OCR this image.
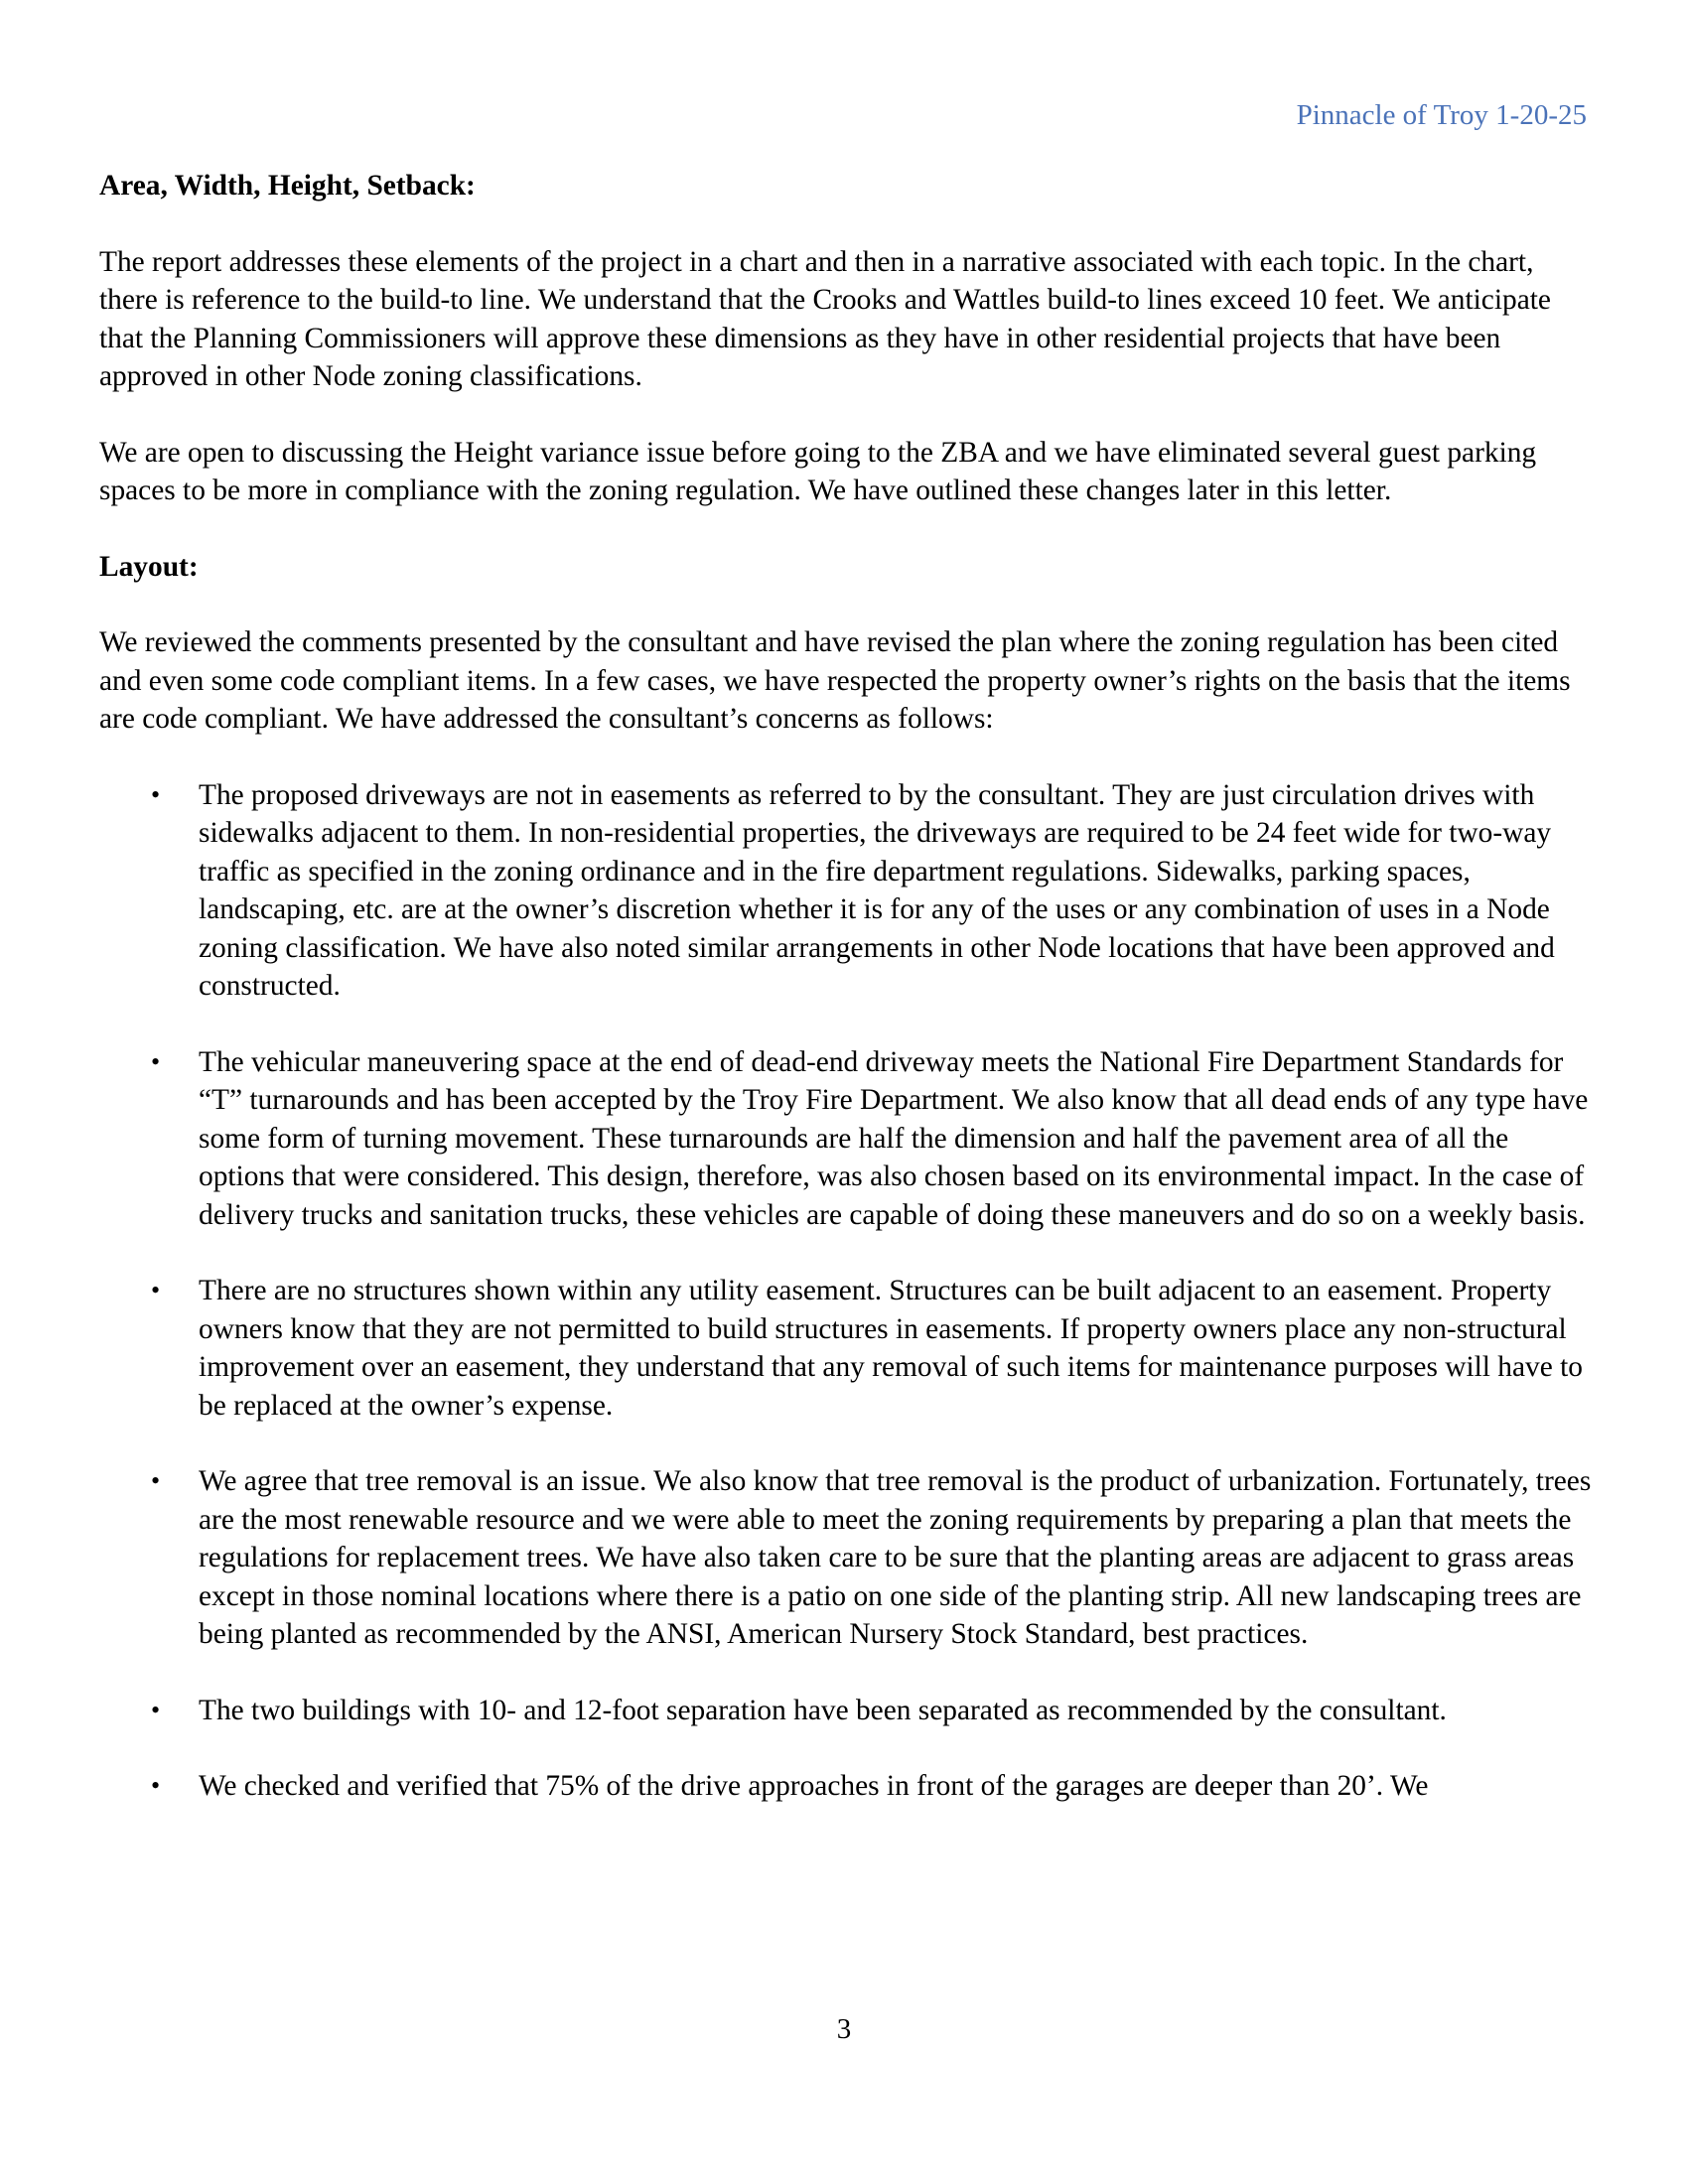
Pinnacle of Troy 1-20-25
Area, Width, Height, Setback:

The report addresses these elements of the project in a chart and then in a narrative associated with each topic. In the chart, there is reference to the build-to line. We understand that the Crooks and Wattles build-to lines exceed 10 feet. We anticipate that the Planning Commissioners will approve these dimensions as they have in other residential projects that have been approved in other Node zoning classifications.

We are open to discussing the Height variance issue before going to the ZBA and we have eliminated several guest parking spaces to be more in compliance with the zoning regulation. We have outlined these changes later in this letter.

Layout:

We reviewed the comments presented by the consultant and have revised the plan where the zoning regulation has been cited and even some code compliant items. In a few cases, we have respected the property owner’s rights on the basis that the items are code compliant. We have addressed the consultant’s concerns as follows:

• The proposed driveways are not in easements as referred to by the consultant. They are just circulation drives with sidewalks adjacent to them. In non-residential properties, the driveways are required to be 24 feet wide for two-way traffic as specified in the zoning ordinance and in the fire department regulations. Sidewalks, parking spaces, landscaping, etc. are at the owner’s discretion whether it is for any of the uses or any combination of uses in a Node zoning classification. We have also noted similar arrangements in other Node locations that have been approved and constructed.
• The vehicular maneuvering space at the end of dead-end driveway meets the National Fire Department Standards for “T” turnarounds and has been accepted by the Troy Fire Department. We also know that all dead ends of any type have some form of turning movement. These turnarounds are half the dimension and half the pavement area of all the options that were considered. This design, therefore, was also chosen based on its environmental impact. In the case of delivery trucks and sanitation trucks, these vehicles are capable of doing these maneuvers and do so on a weekly basis.
• There are no structures shown within any utility easement. Structures can be built adjacent to an easement. Property owners know that they are not permitted to build structures in easements. If property owners place any non-structural improvement over an easement, they understand that any removal of such items for maintenance purposes will have to be replaced at the owner’s expense.
• We agree that tree removal is an issue. We also know that tree removal is the product of urbanization. Fortunately, trees are the most renewable resource and we were able to meet the zoning requirements by preparing a plan that meets the regulations for replacement trees. We have also taken care to be sure that the planting areas are adjacent to grass areas except in those nominal locations where there is a patio on one side of the planting strip. All new landscaping trees are being planted as recommended by the ANSI, American Nursery Stock Standard, best practices.
• The two buildings with 10- and 12-foot separation have been separated as recommended by the consultant.
• We checked and verified that 75% of the drive approaches in front of the garages are deeper than 20’. We
3
